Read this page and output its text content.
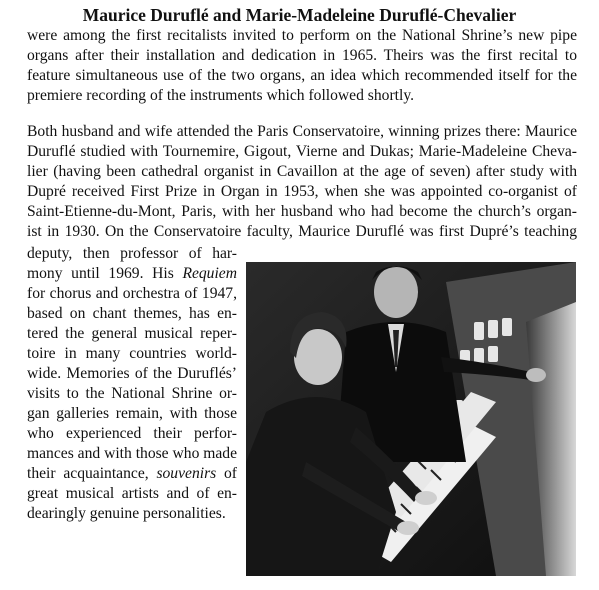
Maurice Duruflé and Marie-Madeleine Duruflé-Chevalier
were among the first recitalists invited to perform on the National Shrine’s new pipe
organs after their installation and dedication in 1965. Theirs was the first recital to
feature simultaneous use of the two organs, an idea which recommended itself for the
premiere recording of the instruments which followed shortly.
Both husband and wife attended the Paris Conservatoire, winning prizes there: Maurice
Duruflé studied with Tournemire, Gigout, Vierne and Dukas; Marie-Madeleine Cheva-
lier (having been cathedral organist in Cavaillon at the age of seven) after study with
Dupré received First Prize in Organ in 1953, when she was appointed co-organist of
Saint-Etienne-du-Mont, Paris, with her husband who had become the church’s organ-
ist in 1930. On the Conservatoire faculty, Maurice Duruflé was first Dupré’s teaching
deputy, then professor of har-
mony until 1969. His Requiem
for chorus and orchestra of 1947,
based on chant themes, has en-
tered the general musical reper-
toire in many countries world-
wide. Memories of the Duruflés’
visits to the National Shrine or-
gan galleries remain, with those
who experienced their perfor-
mances and with those who made
their acquaintance, souvenirs of
great musical artists and of en-
dearingly genuine personalities.
